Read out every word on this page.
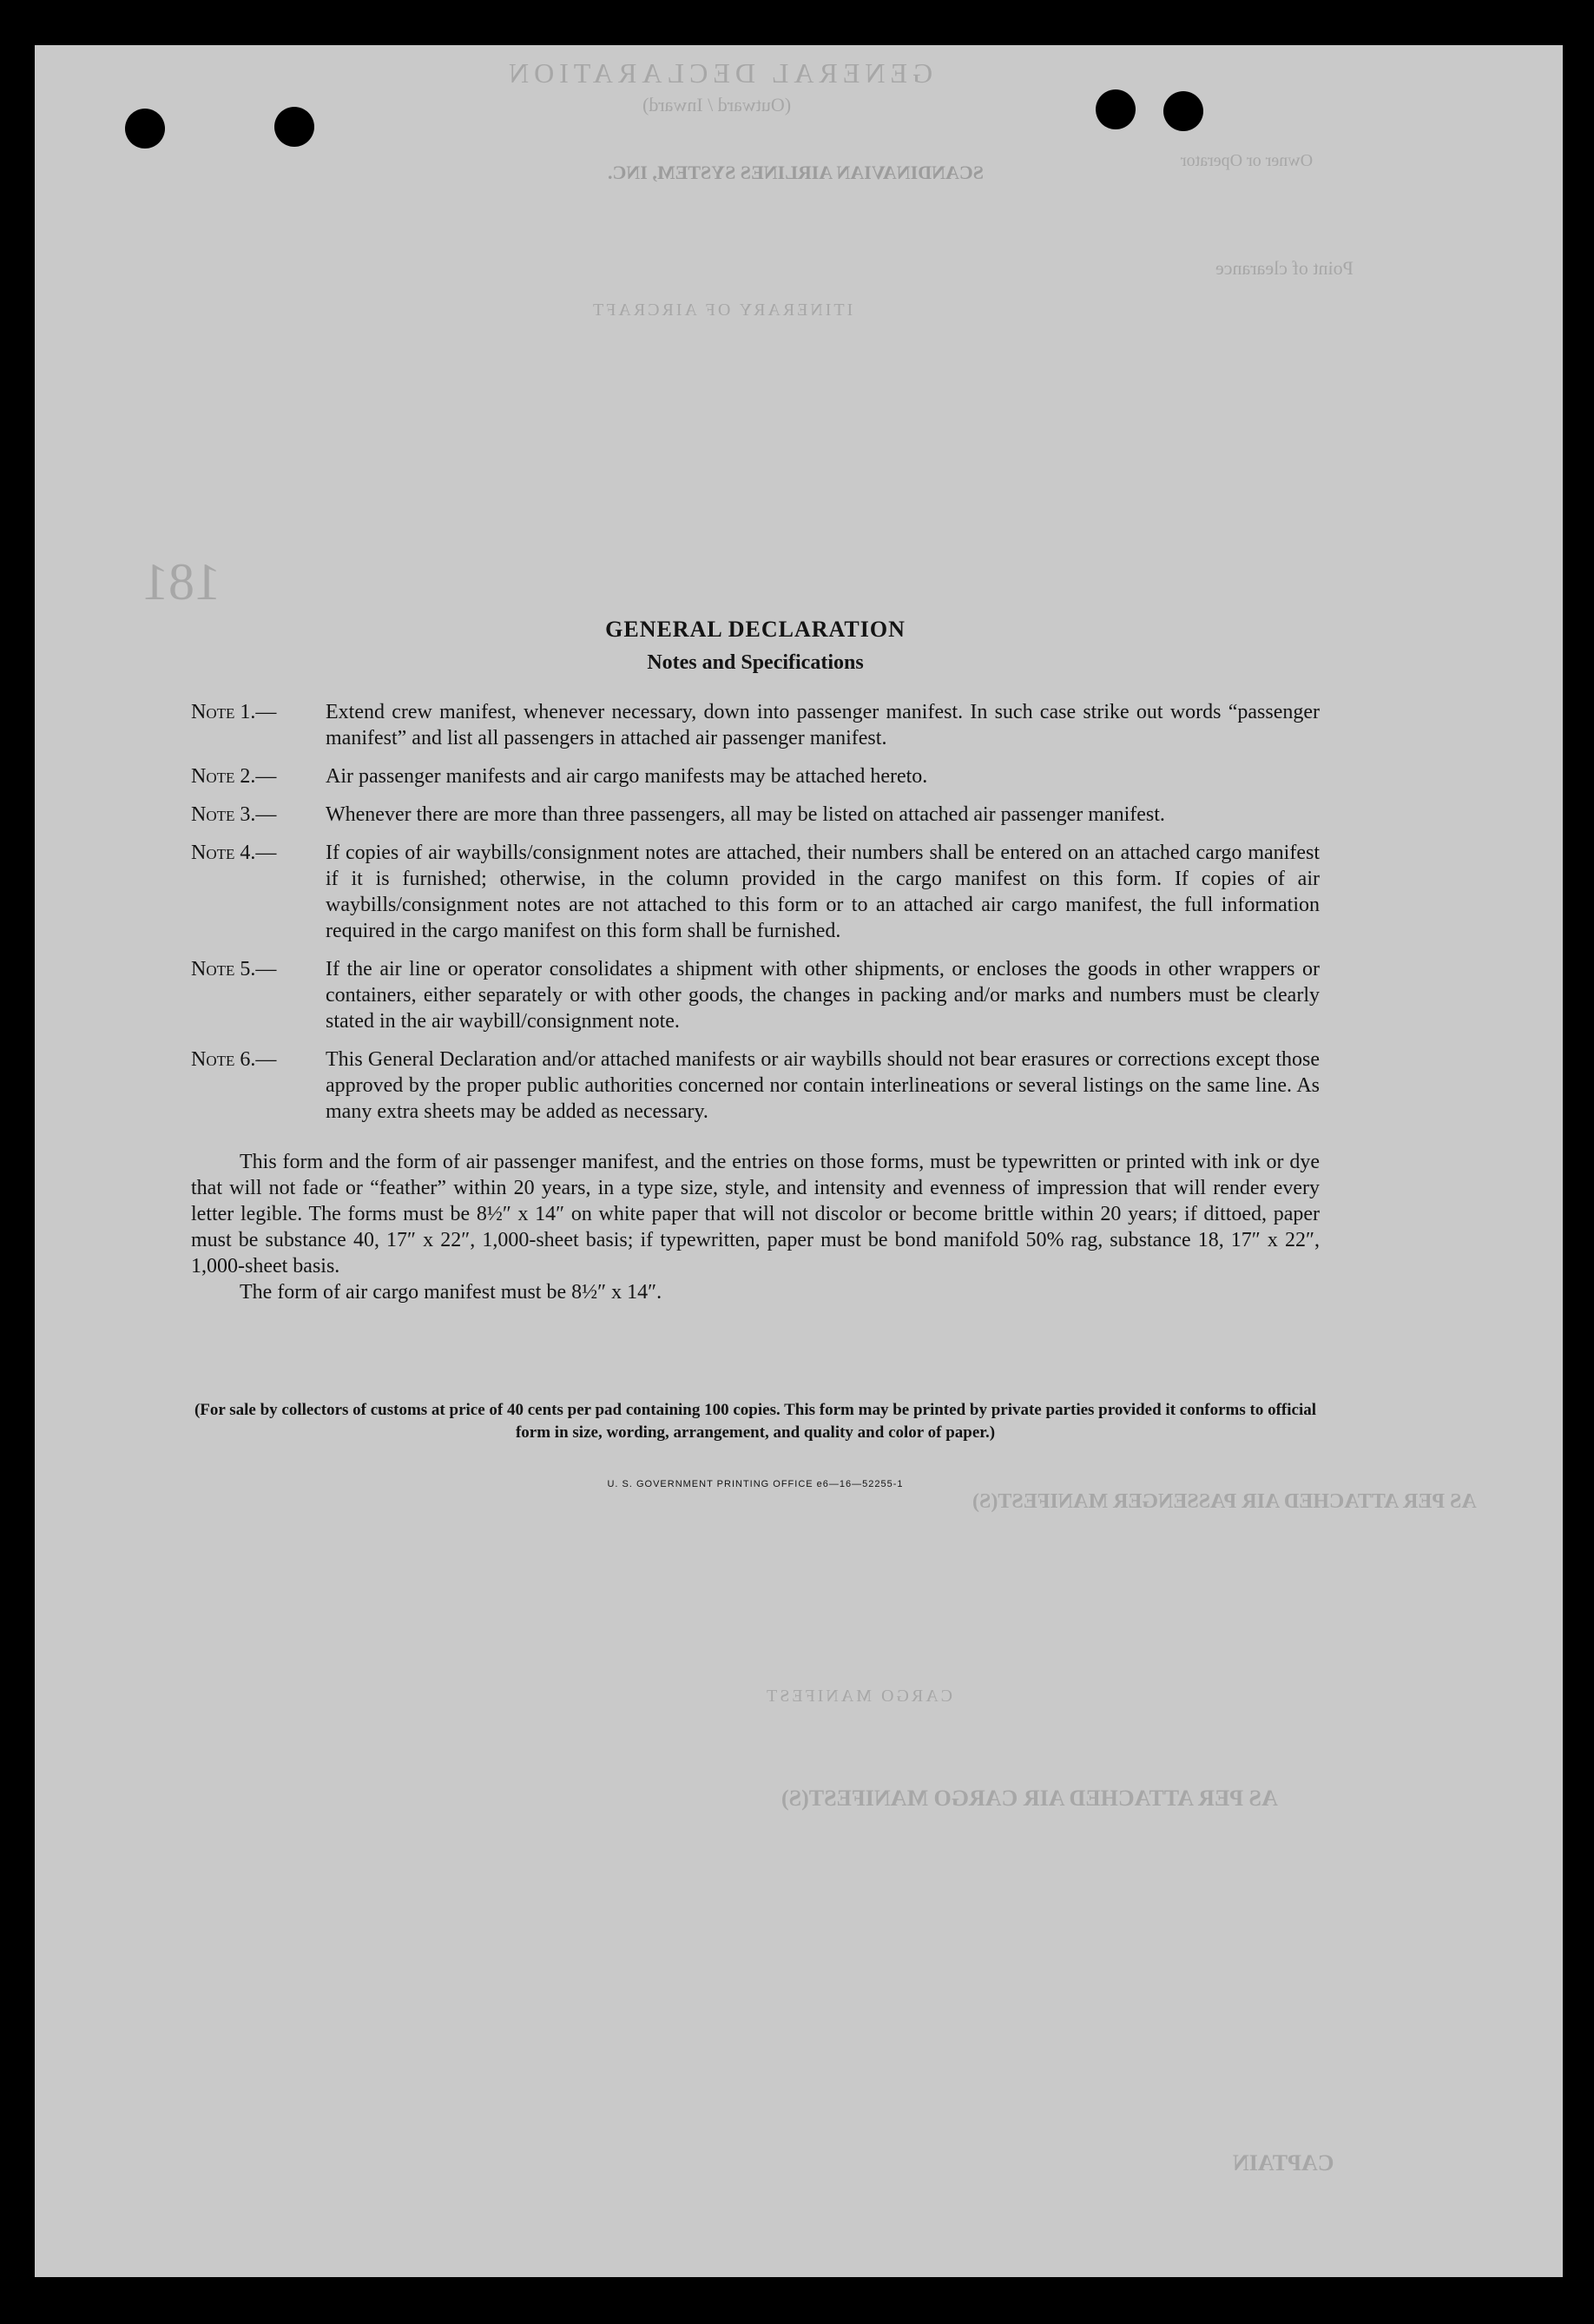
GENERAL DECLARATION
(Outward / Inward)
SCANDINAVIAN AIRLINES SYSTEM, INC.
Owner or Operator
Point of clearance
ITINERARY OF AIRCRAFT
181
AS PER ATTACHED AIR PASSENGER MANIFEST(S)
CARGO MANIFEST
AS PER ATTACHED AIR CARGO MANIFEST(S)
CAPTAIN
GENERAL DECLARATION
Notes and Specifications
Note 1.—	Extend crew manifest, whenever necessary, down into passenger manifest. In such case strike out words “passenger manifest” and list all passengers in attached air passenger manifest.
Note 2.—	Air passenger manifests and air cargo manifests may be attached hereto.
Note 3.—	Whenever there are more than three passengers, all may be listed on attached air passenger manifest.
Note 4.—	If copies of air waybills/consignment notes are attached, their numbers shall be entered on an attached cargo manifest if it is furnished; otherwise, in the column provided in the cargo manifest on this form. If copies of air waybills/consignment notes are not attached to this form or to an attached air cargo manifest, the full information required in the cargo manifest on this form shall be furnished.
Note 5.—	If the air line or operator consolidates a shipment with other shipments, or encloses the goods in other wrappers or containers, either separately or with other goods, the changes in packing and/or marks and numbers must be clearly stated in the air waybill/consignment note.
Note 6.—	This General Declaration and/or attached manifests or air waybills should not bear erasures or corrections except those approved by the proper public authorities concerned nor contain interlineations or several listings on the same line. As many extra sheets may be added as necessary.

This form and the form of air passenger manifest, and the entries on those forms, must be typewritten or printed with ink or dye that will not fade or “feather” within 20 years, in a type size, style, and intensity and evenness of impression that will render every letter legible. The forms must be 8½″ x 14″ on white paper that will not discolor or become brittle within 20 years; if dittoed, paper must be substance 40, 17″ x 22″, 1,000-sheet basis; if typewritten, paper must be bond manifold 50% rag, substance 18, 17″ x 22″, 1,000-sheet basis.

The form of air cargo manifest must be 8½″ x 14″.

(For sale by collectors of customs at price of 40 cents per pad containing 100 copies. This form may be printed by private parties provided it conforms to official form in size, wording, arrangement, and quality and color of paper.)

U. S. GOVERNMENT PRINTING OFFICE e6—16—52255-1
